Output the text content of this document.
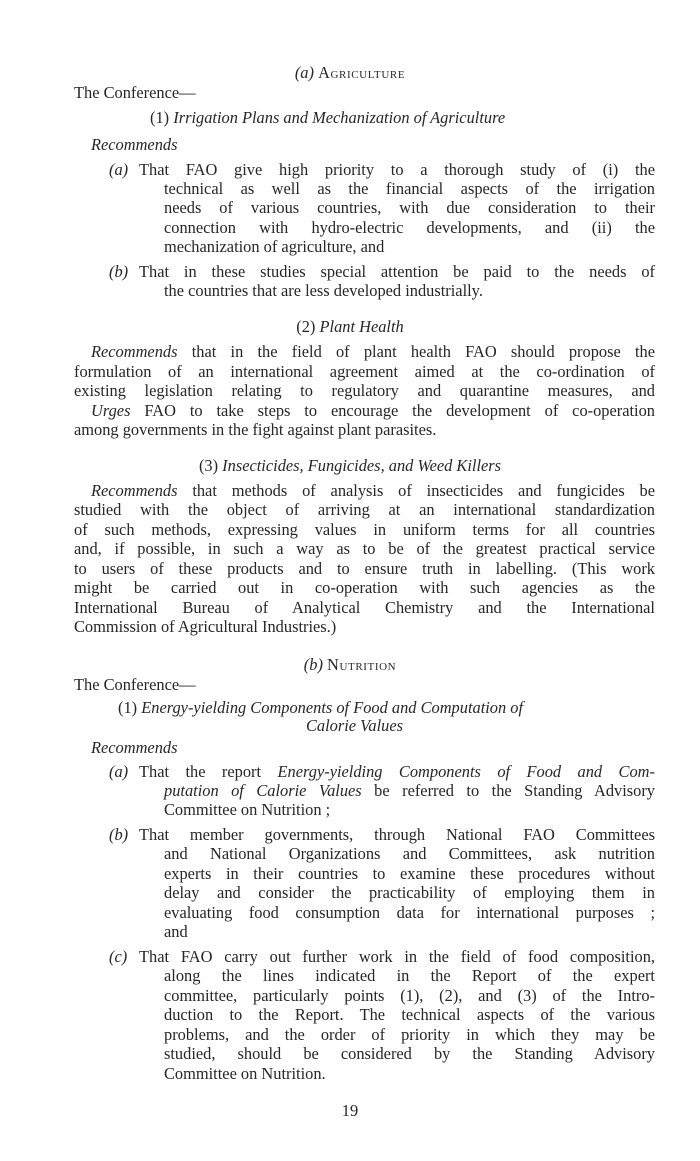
(a) Agriculture
The Conference—
(1) Irrigation Plans and Mechanization of Agriculture
Recommends
(a) That FAO give high priority to a thorough study of (i) the
technical as well as the financial aspects of the irrigation
needs of various countries, with due consideration to their
connection with hydro-electric developments, and (ii) the
mechanization of agriculture, and
(b) That in these studies special attention be paid to the needs of
the countries that are less developed industrially.
(2) Plant Health
Recommends that in the field of plant health FAO should propose the
formulation of an international agreement aimed at the co-ordination of
existing legislation relating to regulatory and quarantine measures, and
Urges FAO to take steps to encourage the development of co-operation
among governments in the fight against plant parasites.
(3) Insecticides, Fungicides, and Weed Killers
Recommends that methods of analysis of insecticides and fungicides be
studied with the object of arriving at an international standardization
of such methods, expressing values in uniform terms for all countries
and, if possible, in such a way as to be of the greatest practical service
to users of these products and to ensure truth in labelling. (This work
might be carried out in co-operation with such agencies as the
International Bureau of Analytical Chemistry and the International
Commission of Agricultural Industries.)
(b) Nutrition
The Conference—
(1) Energy-yielding Components of Food and Computation of
Calorie Values
Recommends
(a) That the report Energy-yielding Components of Food and Com-
putation of Calorie Values be referred to the Standing Advisory
Committee on Nutrition ;
(b) That member governments, through National FAO Committees
and National Organizations and Committees, ask nutrition
experts in their countries to examine these procedures without
delay and consider the practicability of employing them in
evaluating food consumption data for international purposes ;
and
(c) That FAO carry out further work in the field of food composition,
along the lines indicated in the Report of the expert
committee, particularly points (1), (2), and (3) of the Intro-
duction to the Report. The technical aspects of the various
problems, and the order of priority in which they may be
studied, should be considered by the Standing Advisory
Committee on Nutrition.
19
